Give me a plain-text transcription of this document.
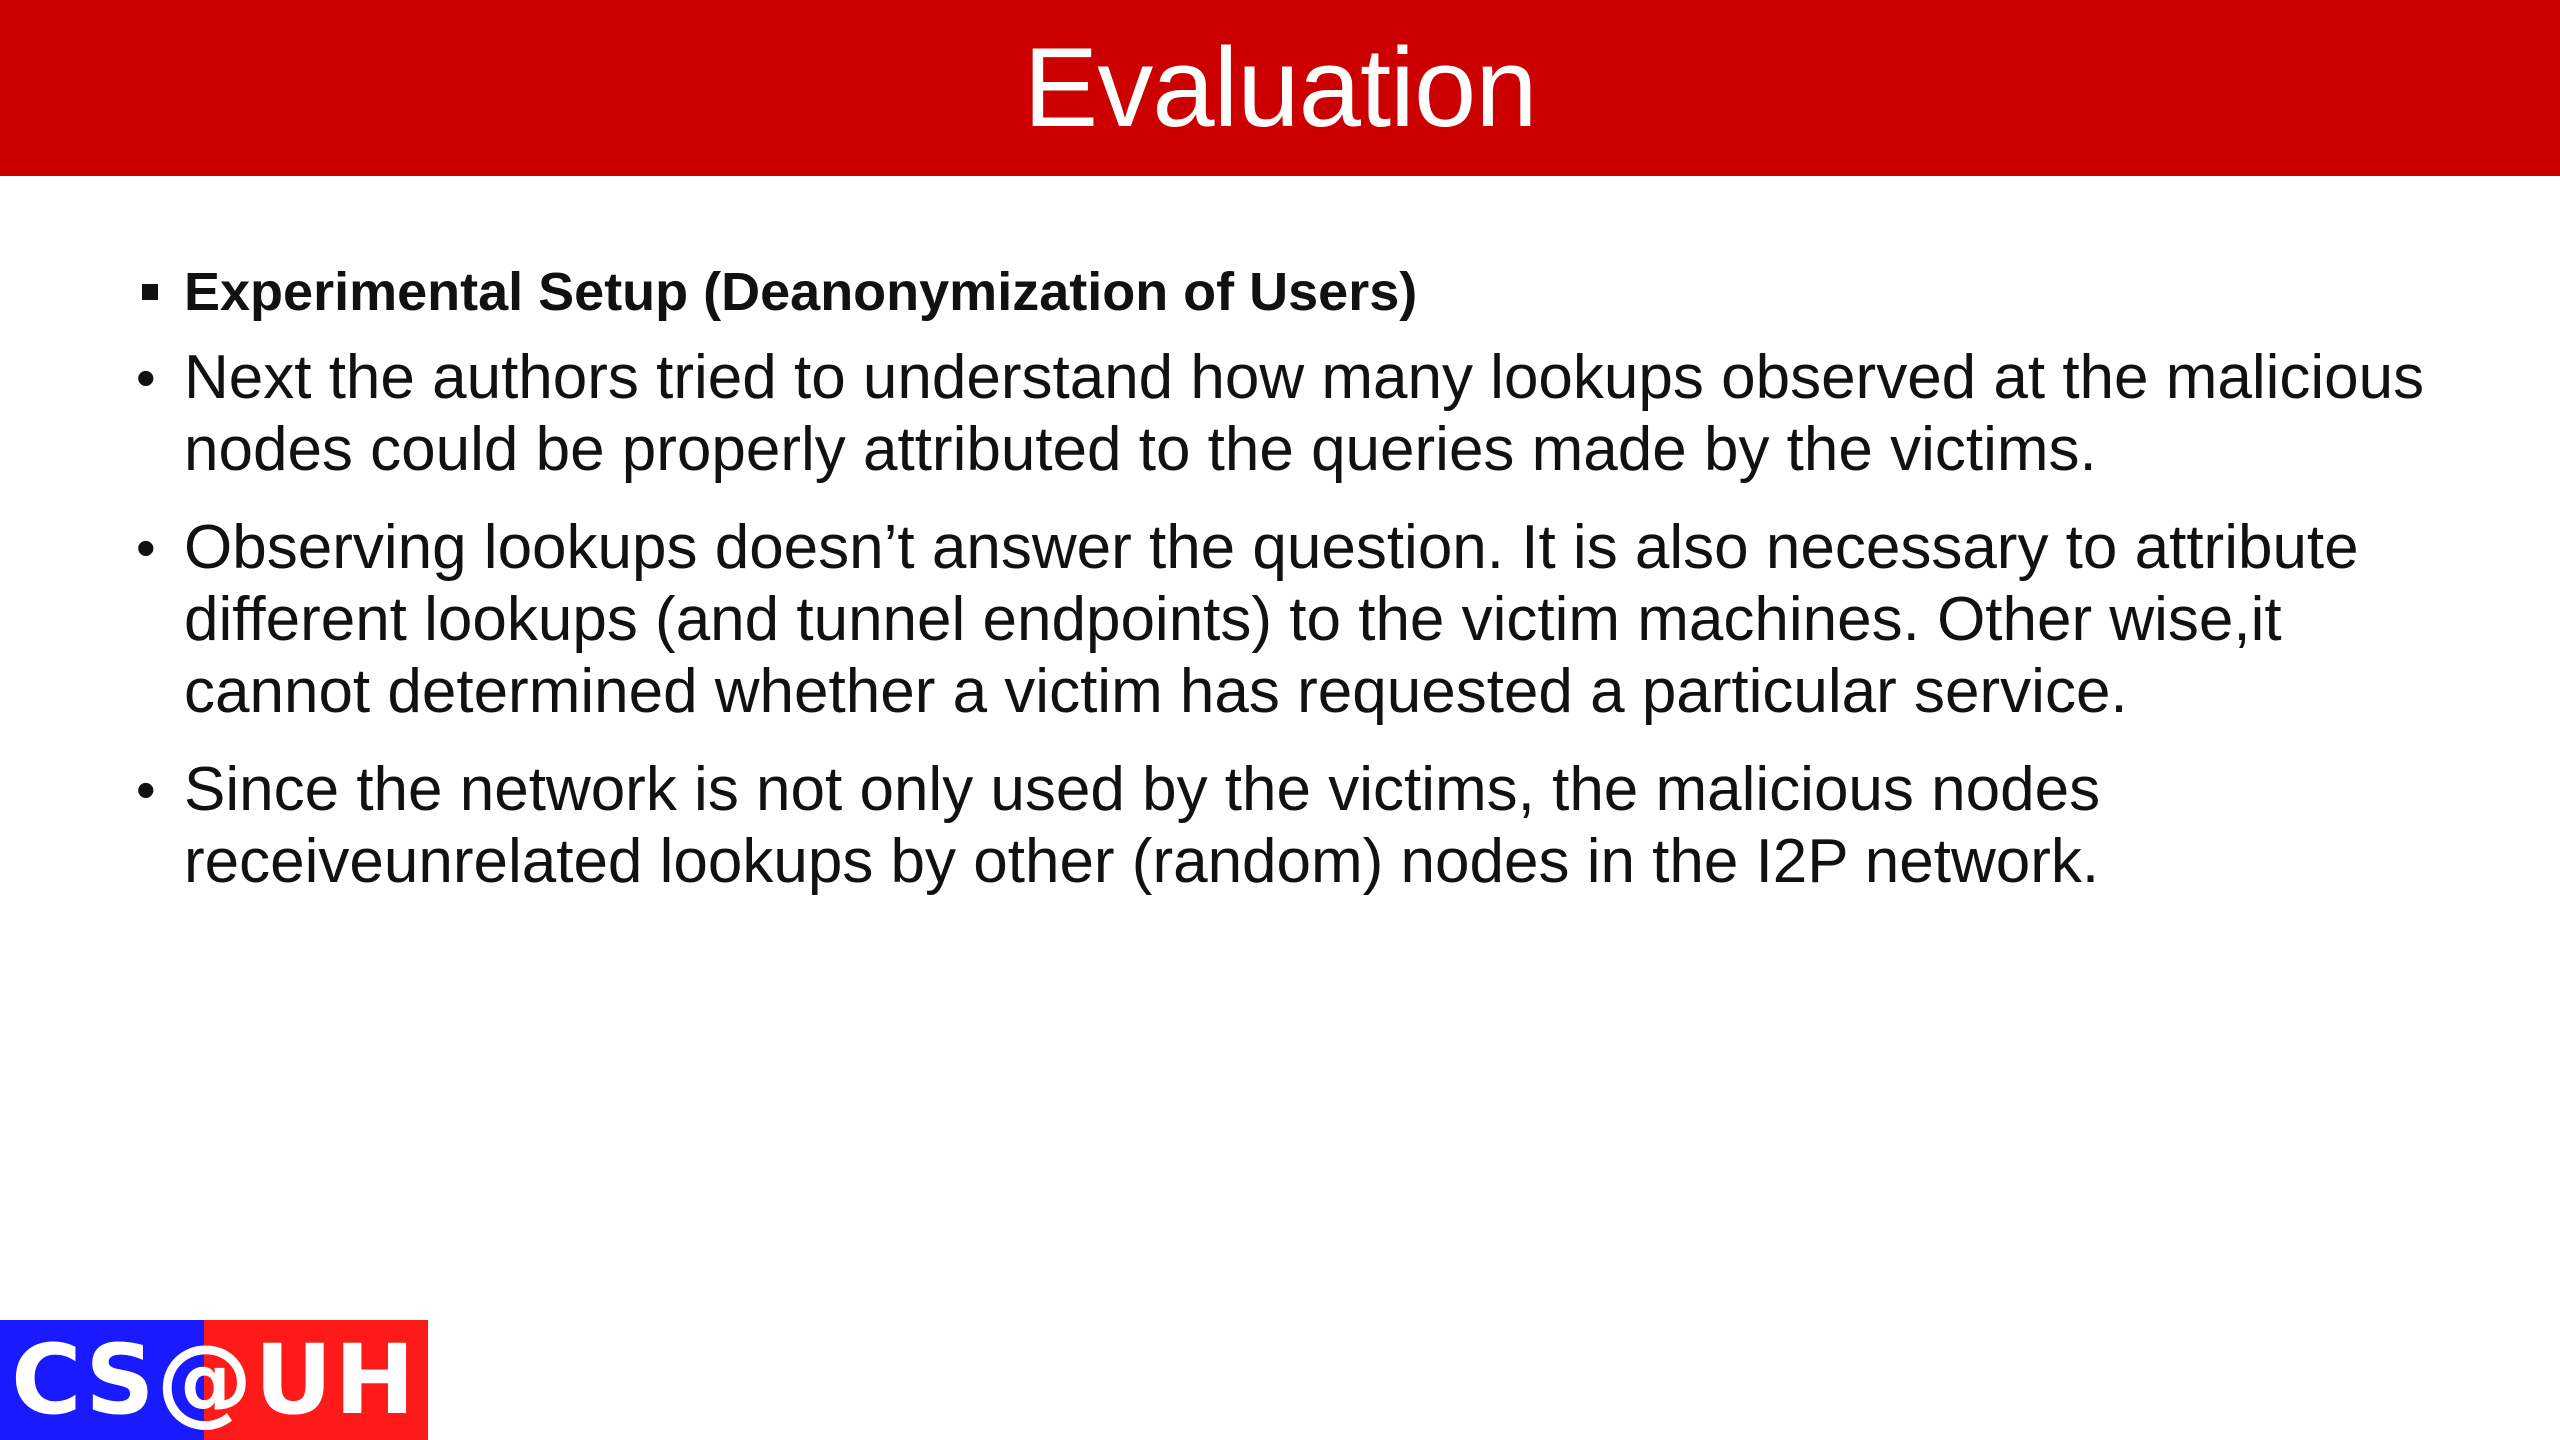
Evaluation
Experimental Setup (Deanonymization of Users)
• Next the authors tried to understand how many lookups observed at the malicious nodes could be properly attributed to the queries made by the victims.
• Observing lookups doesn’t answer the question. It is also necessary to attribute different lookups (and tunnel endpoints) to the victim machines. Other wise,it cannot determined whether a victim has requested a particular service.
• Since the network is not only used by the victims, the malicious nodes receiveunrelated lookups by other (random) nodes in the I2P network.
CS@UH
